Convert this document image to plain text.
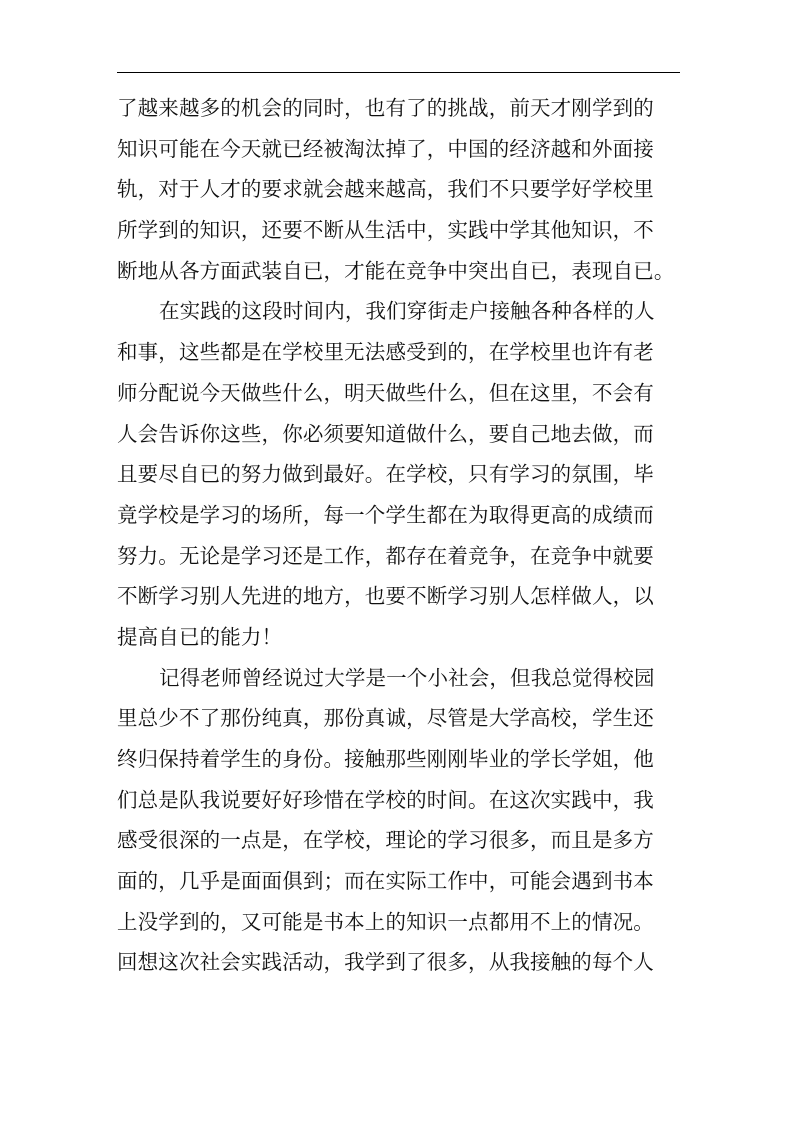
了越来越多的机会的同时，也有了的挑战，前天才刚学到的
知识可能在今天就已经被淘汰掉了，中国的经济越和外面接
轨，对于人才的要求就会越来越高，我们不只要学好学校里
所学到的知识，还要不断从生活中，实践中学其他知识，不
断地从各方面武装自已，才能在竞争中突出自已，表现自已。
在实践的这段时间内，我们穿街走户接触各种各样的人
和事，这些都是在学校里无法感受到的，在学校里也许有老
师分配说今天做些什么，明天做些什么，但在这里，不会有
人会告诉你这些，你必须要知道做什么，要自己地去做，而
且要尽自已的努力做到最好。在学校，只有学习的氛围，毕
竟学校是学习的场所，每一个学生都在为取得更高的成绩而
努力。无论是学习还是工作，都存在着竞争，在竞争中就要
不断学习别人先进的地方，也要不断学习别人怎样做人，以
提高自已的能力！
记得老师曾经说过大学是一个小社会，但我总觉得校园
里总少不了那份纯真，那份真诚，尽管是大学高校，学生还
终归保持着学生的身份。接触那些刚刚毕业的学长学姐，他
们总是队我说要好好珍惜在学校的时间。在这次实践中，我
感受很深的一点是，在学校，理论的学习很多，而且是多方
面的，几乎是面面俱到；而在实际工作中，可能会遇到书本
上没学到的，又可能是书本上的知识一点都用不上的情况。
回想这次社会实践活动，我学到了很多，从我接触的每个人
